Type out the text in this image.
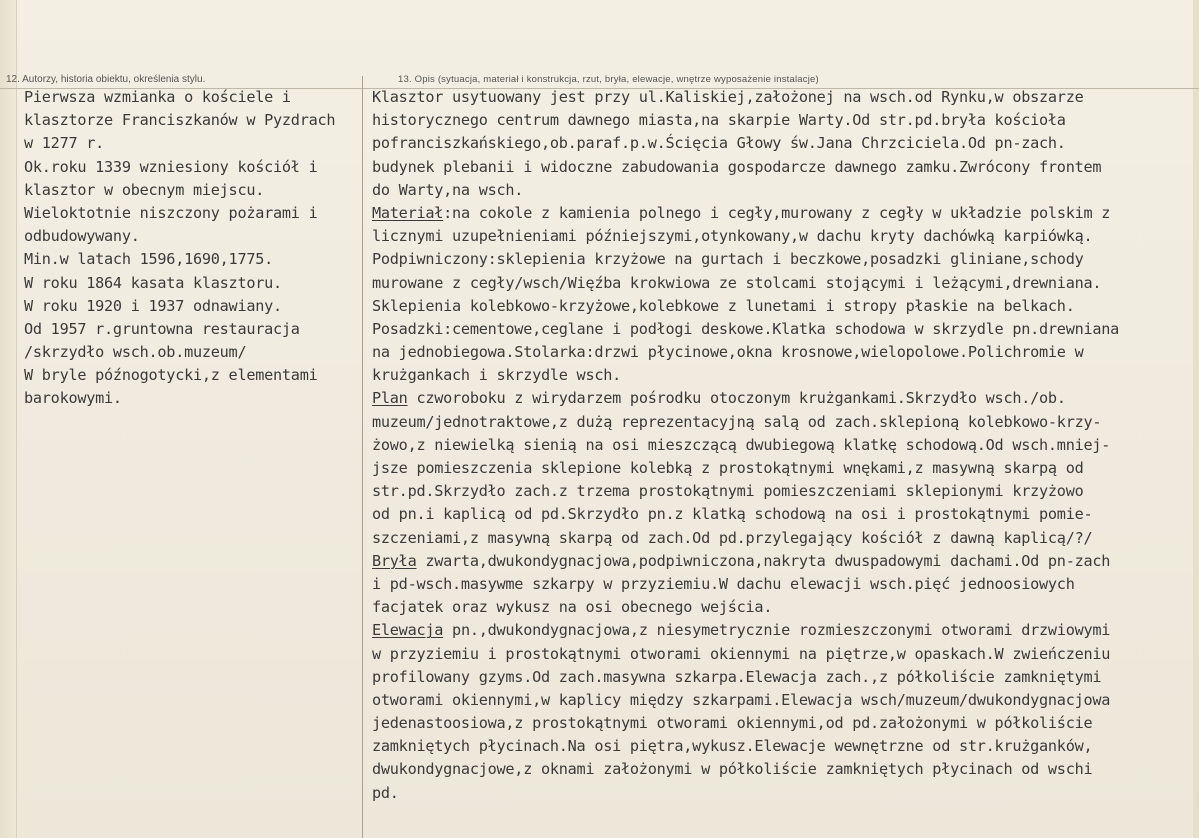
12. Autorzy, historia obiektu, określenia stylu.	13. Opis (sytuacja, materiał i konstrukcja, rzut, bryła, elewacje, wnętrze wyposażenie instalacje)
Pierwsza wzmianka o kościele i
klasztorze Franciszkanów w Pyzdrach
w 1277 r.
Ok.roku 1339 wzniesiony kościół i
klasztor w obecnym miejscu.
Wieloktotnie niszczony pożarami i
odbudowywany.
Min.w latach 1596,1690,1775.
W roku 1864 kasata klasztoru.
W roku 1920 i 1937 odnawiany.
Od 1957 r.gruntowna restauracja
/skrzydło wsch.ob.muzeum/
W bryle późnogotycki,z elementami
barokowymi.
Klasztor usytuowany jest przy ul.Kaliskiej,założonej na wsch.od Rynku,w obszarze
historycznego centrum dawnego miasta,na skarpie Warty.Od str.pd.bryła kościoła
pofranciszkańskiego,ob.paraf.p.w.Ścięcia Głowy św.Jana Chrzciciela.Od pn-zach.
budynek plebanii i widoczne zabudowania gospodarcze dawnego zamku.Zwrócony frontem
do Warty,na wsch.
Materiał:na cokole z kamienia polnego i cegły,murowany z cegły w układzie polskim z
licznymi uzupełnieniami późniejszymi,otynkowany,w dachu kryty dachówką karpiówką.
Podpiwniczony:sklepienia krzyżowe na gurtach i beczkowe,posadzki gliniane,schody
murowane z cegły/wsch/Więźba krokwiowa ze stolcami stojącymi i leżącymi,drewniana.
Sklepienia kolebkowo-krzyżowe,kolebkowe z lunetami i stropy płaskie na belkach.
Posadzki:cementowe,ceglane i podłogi deskowe.Klatka schodowa w skrzydle pn.drewniana
na jednobiegowa.Stolarka:drzwi płycinowe,okna krosnowe,wielopolowe.Polichromie w
krużgankach i skrzydle wsch.
Plan czworoboku z wirydarzem pośrodku otoczonym krużgankami.Skrzydło wsch./ob.
muzeum/jednotraktowe,z dużą reprezentacyjną salą od zach.sklepioną kolebkowo-krzy-
żowo,z niewielką sienią na osi mieszczącą dwubiegową klatkę schodową.Od wsch.mniej-
jsze pomieszczenia sklepione kolebką z prostokątnymi wnękami,z masywną skarpą od
str.pd.Skrzydło zach.z trzema prostokątnymi pomieszczeniami sklepionymi krzyżowo
od pn.i kaplicą od pd.Skrzydło pn.z klatką schodową na osi i prostokątnymi pomie-
szczeniami,z masywną skarpą od zach.Od pd.przylegający kościół z dawną kaplicą/?/
Bryła zwarta,dwukondygnacjowa,podpiwniczona,nakryta dwuspadowymi dachami.Od pn-zach
i pd-wsch.masywme szkarpy w przyziemiu.W dachu elewacji wsch.pięć jednoosiowych
facjatek oraz wykusz na osi obecnego wejścia.
Elewacja pn.,dwukondygnacjowa,z niesymetrycznie rozmieszczonymi otworami drzwiowymi
w przyziemiu i prostokątnymi otworami okiennymi na piętrze,w opaskach.W zwieńczeniu
profilowany gzyms.Od zach.masywna szkarpa.Elewacja zach.,z półkoliście zamkniętymi
otworami okiennymi,w kaplicy między szkarpami.Elewacja wsch/muzeum/dwukondygnacjowa
jedenastoosiowa,z prostokątnymi otworami okiennymi,od pd.założonymi w półkoliście
zamkniętych płycinach.Na osi piętra,wykusz.Elewacje wewnętrzne od str.krużganków,
dwukondygnacjowe,z oknami założonymi w półkoliście zamkniętych płycinach od wschi
pd.
